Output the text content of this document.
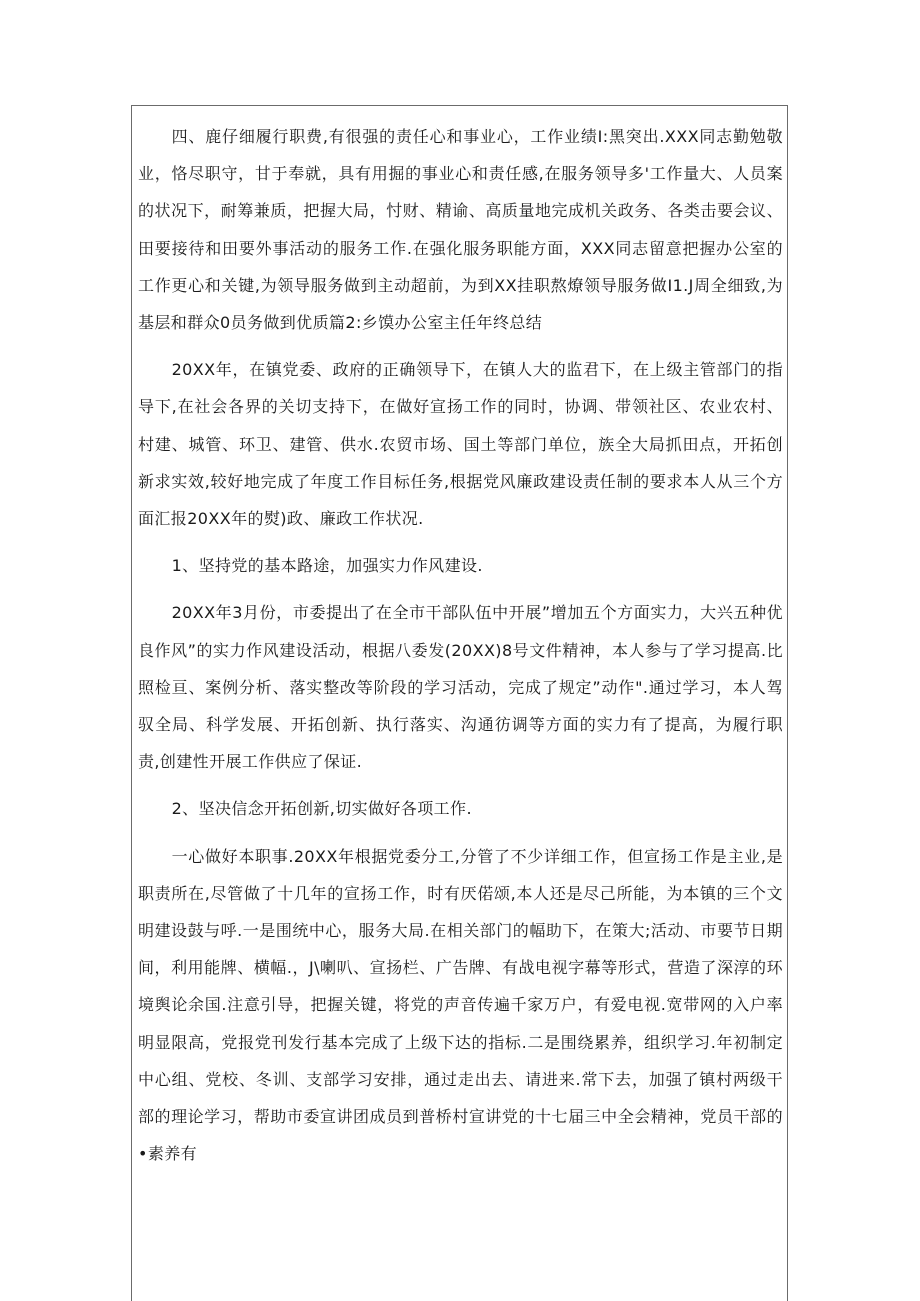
四、鹿仔细履行职费,有很强的责任心和事业心，工作业绩I:黑突出.XXX同志勤勉敬业，恪尽职守，甘于奉就，具有用掘的事业心和责任感,在服务领导多'工作量大、人员案的状况下，耐筹兼质，把握大局，忖财、精谕、高质量地完成机关政务、各类击要会议、田要接待和田要外事活动的服务工作.在强化服务职能方面，XXX同志留意把握办公室的工作更心和关键,为领导服务做到主动超前，为到XX挂职熬燎领导服务做I1.J周全细致,为基层和群众0员务做到优质篇2:乡馍办公室主任年终总结

20XX年，在镇党委、政府的正确领导下，在镇人大的监君下，在上级主管部门的指导下,在社会各界的关切支持下，在做好宣扬工作的同时，协调、带领社区、农业农村、村建、城管、环卫、建管、供水.农贸市场、国土等部门单位，族全大局抓田点，开拓创新求实效,较好地完成了年度工作目标任务,根据党风廉政建设责任制的要求本人从三个方面汇报20XX年的熨)政、廉政工作状况.

1、坚持党的基本路途，加强实力作风建设.

20XX年3月份，市委提出了在全市干部队伍中开展”增加五个方面实力，大兴五种优良作风”的实力作风建设活动，根据八委发(20XX)8号文件精神，本人参与了学习提高.比照检亘、案例分析、落实整改等阶段的学习活动，完成了规定”动作".通过学习，本人驾驭全局、科学发展、开拓创新、执行落实、沟通彷调等方面的实力有了提高，为履行职责,创建性开展工作供应了保证.

2、坚决信念开拓创新,切实做好各项工作.

一心做好本职事.20XX年根据党委分工,分管了不少详细工作，但宣扬工作是主业,是职责所在,尽管做了十几年的宣扬工作，时有厌偌颂,本人还是尽己所能，为本镇的三个文明建设鼓与呼.一是围统中心，服务大局.在相关部门的幅助下，在策大;活动、市要节日期间，利用能牌、横幅.，J\喇叭、宣扬栏、广告牌、有战电视字幕等形式，营造了深淳的环境舆论余国.注意引导，把握关键，将党的声音传遍千家万户，有爱电视.宽带网的入户率明显限高，党报党刊发行基本完成了上级下达的指标.二是围绕累养，组织学习.年初制定中心组、党校、冬训、支部学习安排，通过走出去、请进来.常下去，加强了镇村两级干部的理论学习，帮助市委宣讲团成员到普桥村宣讲党的十七届三中全会精神，党员干部的•素养有
